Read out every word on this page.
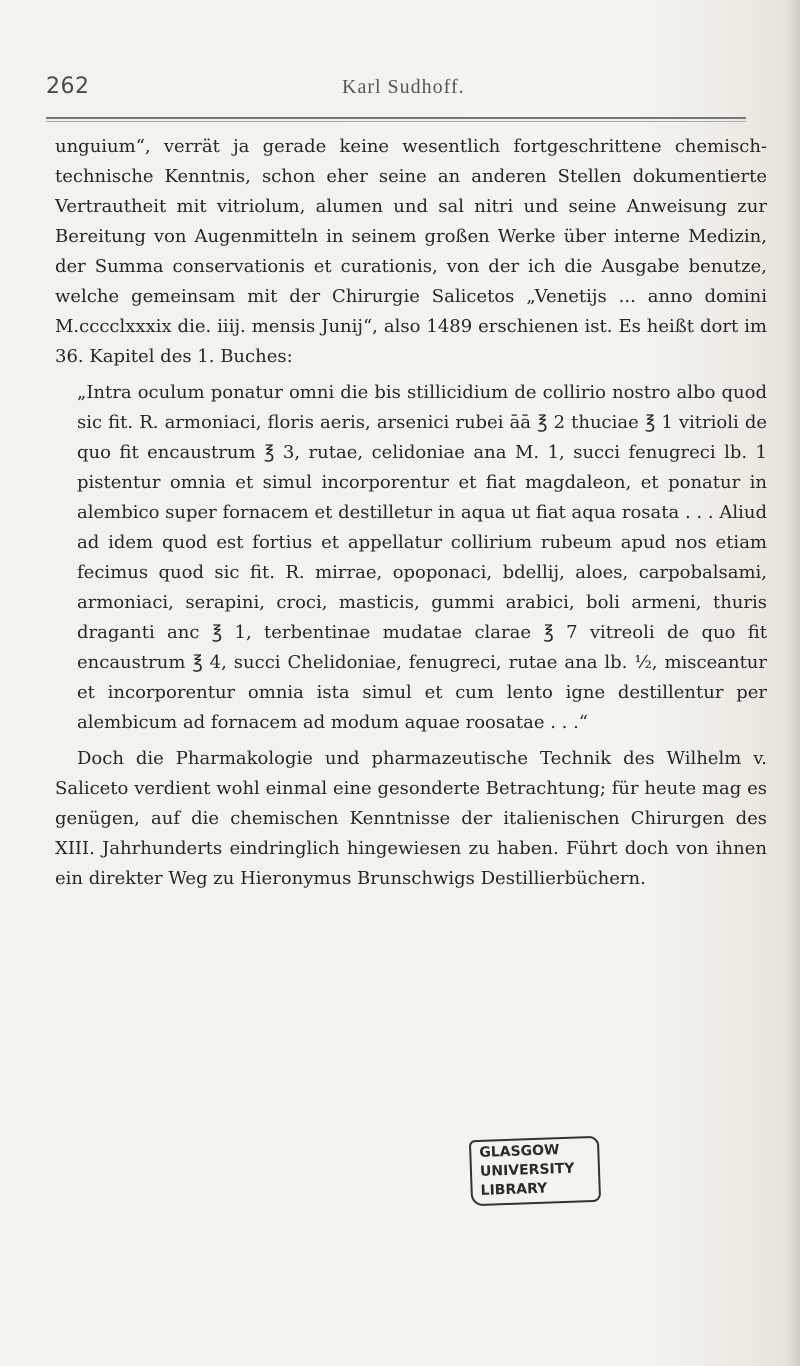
262	Karl Sudhoff.

unguium“, verrät ja gerade keine wesentlich fortgeschrittene chemisch-technische Kenntnis, schon eher seine an anderen Stellen dokumentierte Vertrautheit mit vitriolum, alumen und sal nitri und seine Anweisung zur Bereitung von Augenmitteln in seinem großen Werke über interne Medizin, der Summa conservationis et curationis, von der ich die Ausgabe benutze, welche gemeinsam mit der Chirurgie Salicetos „Venetijs ... anno domini M.cccclxxxix die. iiij. mensis Junij“, also 1489 erschienen ist. Es heißt dort im 36. Kapitel des 1. Buches:

„Intra oculum ponatur omni die bis stillicidium de collirio nostro albo quod sic fit. R. armoniaci, floris aeris, arsenici rubei āā ℥ 2 thuciae ℥ 1 vitrioli de quo fit encaustrum ℥ 3, rutae, celidoniae ana M. 1, succi fenugreci lb. 1 pistentur omnia et simul incorporentur et fiat magdaleon, et ponatur in alembico super fornacem et destilletur in aqua ut fiat aqua rosata . . . Aliud ad idem quod est fortius et appellatur collirium rubeum apud nos etiam fecimus quod sic fit. R. mirrae, opoponaci, bdellij, aloes, carpobalsami, armoniaci, serapini, croci, masticis, gummi arabici, boli armeni, thuris draganti anc ℥ 1, terbentinae mudatae clarae ℥ 7 vitreoli de quo fit encaustrum ℥ 4, succi Chelidoniae, fenugreci, rutae ana lb. ½, misceantur et incorporentur omnia ista simul et cum lento igne destillentur per alembicum ad fornacem ad modum aquae roosatae . . .“

Doch die Pharmakologie und pharmazeutische Technik des Wilhelm v. Saliceto verdient wohl einmal eine gesonderte Betrachtung; für heute mag es genügen, auf die chemischen Kenntnisse der italienischen Chirurgen des XIII. Jahrhunderts eindringlich hingewiesen zu haben. Führt doch von ihnen ein direkter Weg zu Hieronymus Brunschwigs Destillierbüchern.

GLASGOW
UNIVERSITY
LIBRARY
